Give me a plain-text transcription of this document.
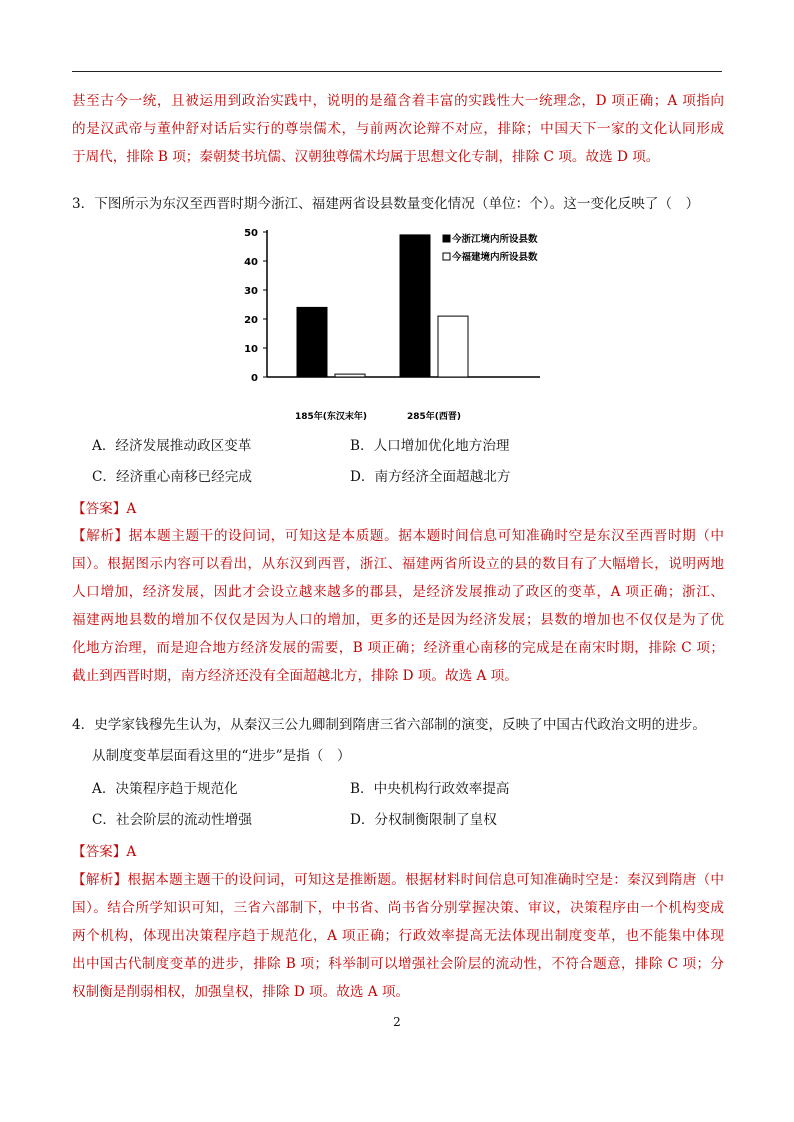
甚至古今一统，且被运用到政治实践中，说明的是蕴含着丰富的实践性大一统理念，D 项正确；A 项指向
的是汉武帝与董仲舒对话后实行的尊崇儒术，与前两次论辩不对应，排除；中国天下一家的文化认同形成
于周代，排除 B 项；秦朝焚书坑儒、汉朝独尊儒术均属于思想文化专制，排除 C 项。故选 D 项。
3．下图所示为东汉至西晋时期今浙江、福建两省设县数量变化情况（单位：个）。这一变化反映了（　）
0
10
20
30
40
50
185年(东汉末年)	285年(西晋)
今浙江境内所设县数
今福建境内所设县数
A．经济发展推动政区变革	B．人口增加优化地方治理
C．经济重心南移已经完成	D．南方经济全面超越北方
【答案】A
【解析】据本题主题干的设问词，可知这是本质题。据本题时间信息可知准确时空是东汉至西晋时期（中
国）。根据图示内容可以看出，从东汉到西晋，浙江、福建两省所设立的县的数目有了大幅增长，说明两地
人口增加，经济发展，因此才会设立越来越多的郡县，是经济发展推动了政区的变革，A 项正确；浙江、
福建两地县数的增加不仅仅是因为人口的增加，更多的还是因为经济发展；县数的增加也不仅仅是为了优
化地方治理，而是迎合地方经济发展的需要，B 项正确；经济重心南移的完成是在南宋时期，排除 C 项；
截止到西晋时期，南方经济还没有全面超越北方，排除 D 项。故选 A 项。
4．史学家钱穆先生认为，从秦汉三公九卿制到隋唐三省六部制的演变，反映了中国古代政治文明的进步。
从制度变革层面看这里的“进步”是指（　）
A．决策程序趋于规范化	B．中央机构行政效率提高
C．社会阶层的流动性增强	D．分权制衡限制了皇权
【答案】A
【解析】根据本题主题干的设问词，可知这是推断题。根据材料时间信息可知准确时空是：秦汉到隋唐（中
国）。结合所学知识可知，三省六部制下，中书省、尚书省分别掌握决策、审议，决策程序由一个机构变成
两个机构，体现出决策程序趋于规范化，A 项正确；行政效率提高无法体现出制度变革，也不能集中体现
出中国古代制度变革的进步，排除 B 项；科举制可以增强社会阶层的流动性，不符合题意，排除 C 项；分
权制衡是削弱相权，加强皇权，排除 D 项。故选 A 项。
2
